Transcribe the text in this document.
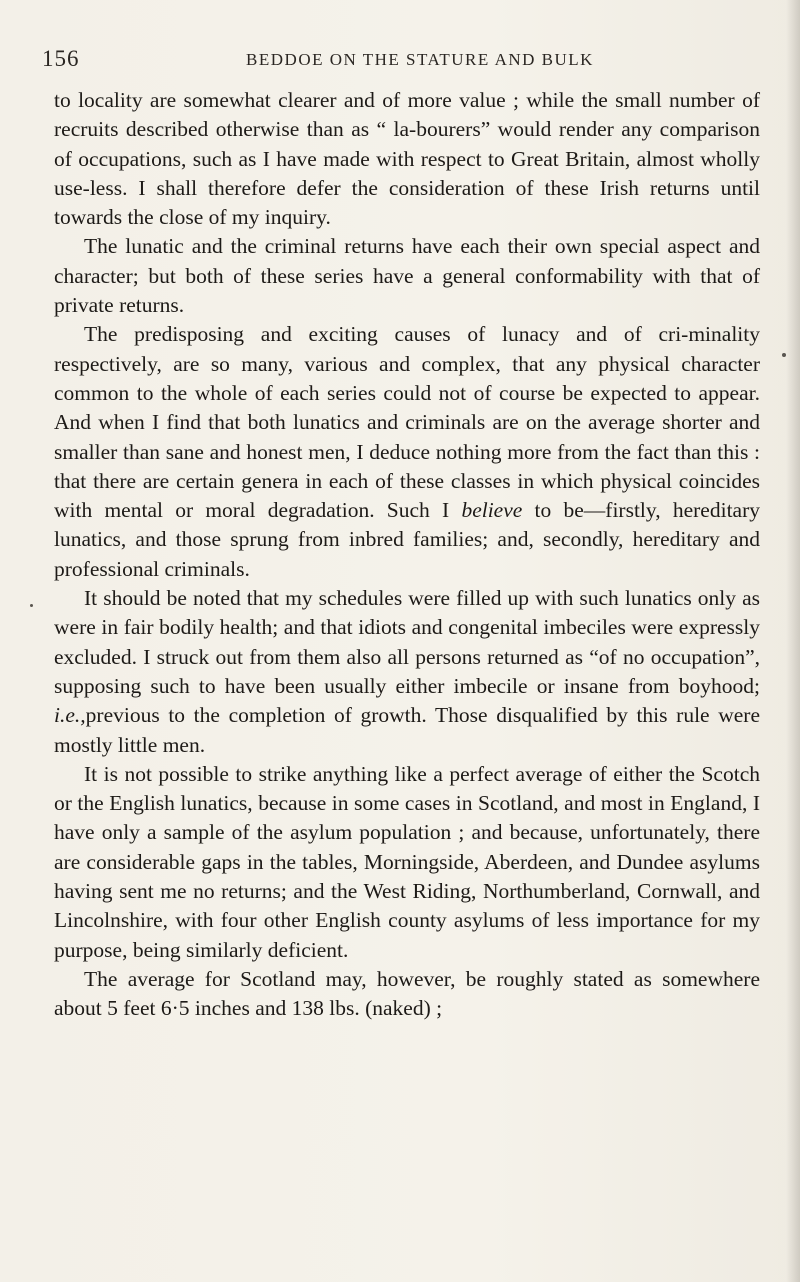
156	BEDDOE ON THE STATURE AND BULK

to locality are somewhat clearer and of more value ; while the small number of recruits described otherwise than as “ la-bourers” would render any comparison of occupations, such as I have made with respect to Great Britain, almost wholly use-less. I shall therefore defer the consideration of these Irish returns until towards the close of my inquiry.

The lunatic and the criminal returns have each their own special aspect and character; but both of these series have a general conformability with that of private returns.

The predisposing and exciting causes of lunacy and of cri-minality respectively, are so many, various and complex, that any physical character common to the whole of each series could not of course be expected to appear. And when I find that both lunatics and criminals are on the average shorter and smaller than sane and honest men, I deduce nothing more from the fact than this : that there are certain genera in each of these classes in which physical coincides with mental or moral degradation. Such I believe to be—firstly, hereditary lunatics, and those sprung from inbred families; and, secondly, hereditary and professional criminals.

It should be noted that my schedules were filled up with such lunatics only as were in fair bodily health; and that idiots and congenital imbeciles were expressly excluded. I struck out from them also all persons returned as “of no occupation”, supposing such to have been usually either imbecile or insane from boyhood; i.e.,previous to the completion of growth. Those disqualified by this rule were mostly little men.

It is not possible to strike anything like a perfect average of either the Scotch or the English lunatics, because in some cases in Scotland, and most in England, I have only a sample of the asylum population ; and because, unfortunately, there are considerable gaps in the tables, Morningside, Aberdeen, and Dundee asylums having sent me no returns; and the West Riding, Northumberland, Cornwall, and Lincolnshire, with four other English county asylums of less importance for my purpose, being similarly deficient.

The average for Scotland may, however, be roughly stated as somewhere about 5 feet 6·5 inches and 138 lbs. (naked) ;
